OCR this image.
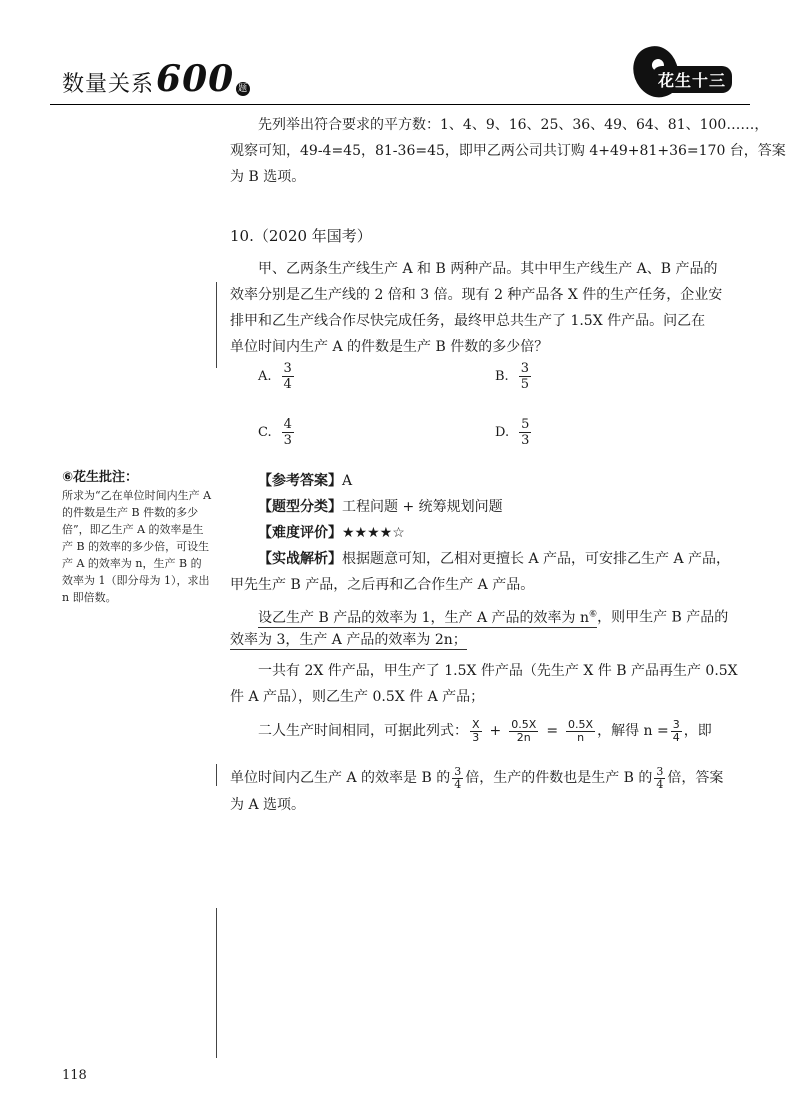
数量关系 600 题	花生十三
先列举出符合要求的平方数：1、4、9、16、25、36、49、64、81、100……，
观察可知，49-4=45，81-36=45，即甲乙两公司共订购 4+49+81+36=170 台，答案
为 B 选项。
10.（2020 年国考）
甲、乙两条生产线生产 A 和 B 两种产品。其中甲生产线生产 A、B 产品的
效率分别是乙生产线的 2 倍和 3 倍。现有 2 种产品各 X 件的生产任务，企业安
排甲和乙生产线合作尽快完成任务，最终甲总共生产了 1.5X 件产品。问乙在
单位时间内生产 A 的件数是生产 B 件数的多少倍？
A. $\frac{3}{4}$	B. $\frac{3}{5}$
C. $\frac{4}{3}$	D. $\frac{5}{3}$
⑥花生批注：
所求为“乙在单位时间内生产 A 的件数是生产 B 件数的多少倍”，即乙生产 A 的效率是生产 B 的效率的多少倍，可设生产 A 的效率为 n，生产 B 的效率为 1（即分母为 1），求出 n 即倍数。
【参考答案】A
【题型分类】工程问题 + 统筹规划问题
【难度评价】★★★★☆
【实战解析】根据题意可知，乙相对更擅长 A 产品，可安排乙生产 A 产品，
甲先生产 B 产品，之后再和乙合作生产 A 产品。
设乙生产 B 产品的效率为 1，生产 A 产品的效率为 n⑥，则甲生产 B 产品的
效率为 3，生产 A 产品的效率为 2n；
一共有 2X 件产品，甲生产了 1.5X 件产品（先生产 X 件 B 产品再生产 0.5X
件 A 产品），则乙生产 0.5X 件 A 产品；
二人生产时间相同，可据此列式： $\frac{X}{3} + \frac{0.5X}{2n} = \frac{0.5X}{n}$ ，解得 $n = \frac{3}{4}$ ，即
单位时间内乙生产 A 的效率是 B 的 $\frac{3}{4}$ 倍，生产的件数也是生产 B 的 $\frac{3}{4}$ 倍，答案
为 A 选项。
118
